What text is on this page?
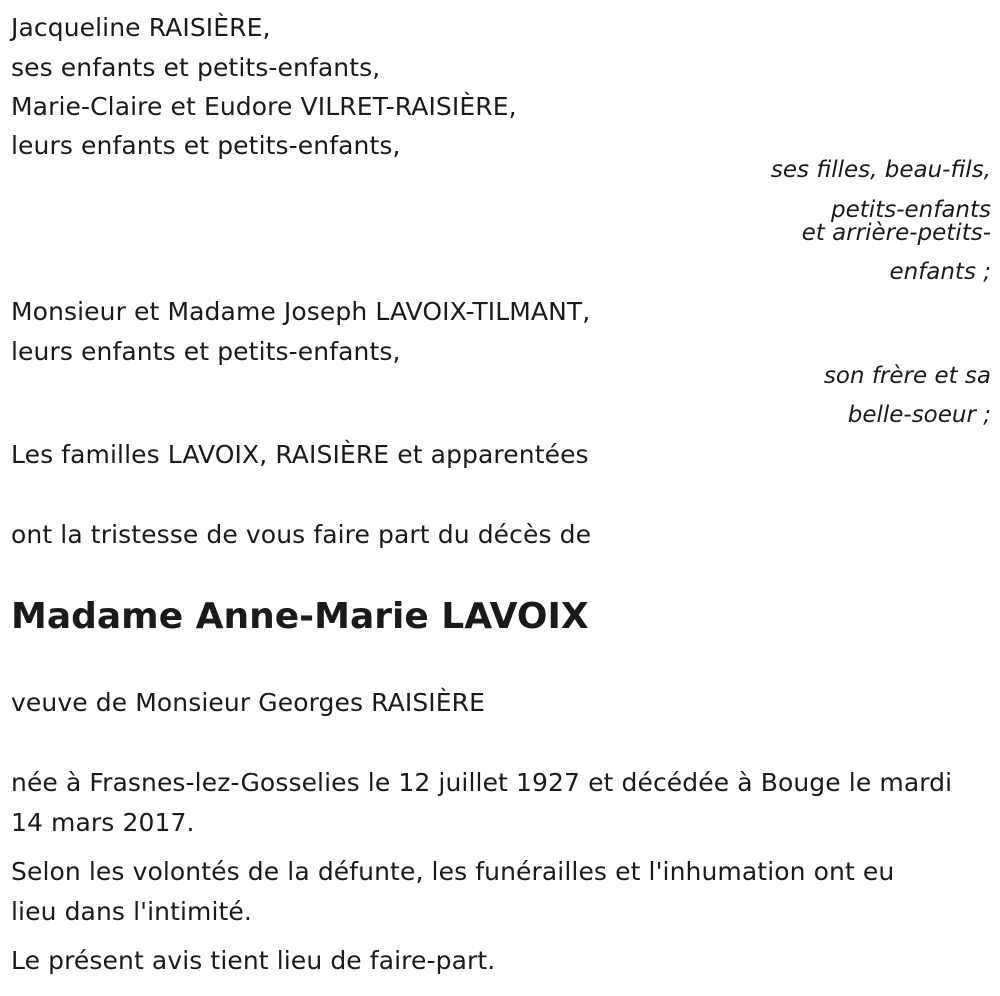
Jacqueline RAISIÈRE,
ses enfants et petits-enfants,
Marie-Claire et Eudore VILRET-RAISIÈRE,
leurs enfants et petits-enfants,
ses filles, beau-fils,
petits-enfants
et arrière-petits-
enfants ;
Monsieur et Madame Joseph LAVOIX-TILMANT,
leurs enfants et petits-enfants,
son frère et sa
belle-soeur ;
Les familles LAVOIX, RAISIÈRE et apparentées
ont la tristesse de vous faire part du décès de
Madame Anne-Marie LAVOIX
veuve de Monsieur Georges RAISIÈRE
née à Frasnes-lez-Gosselies le 12 juillet 1927 et décédée à Bouge le mardi
14 mars 2017.
Selon les volontés de la défunte, les funérailles et l'inhumation ont eu
lieu dans l'intimité.
Le présent avis tient lieu de faire-part.
